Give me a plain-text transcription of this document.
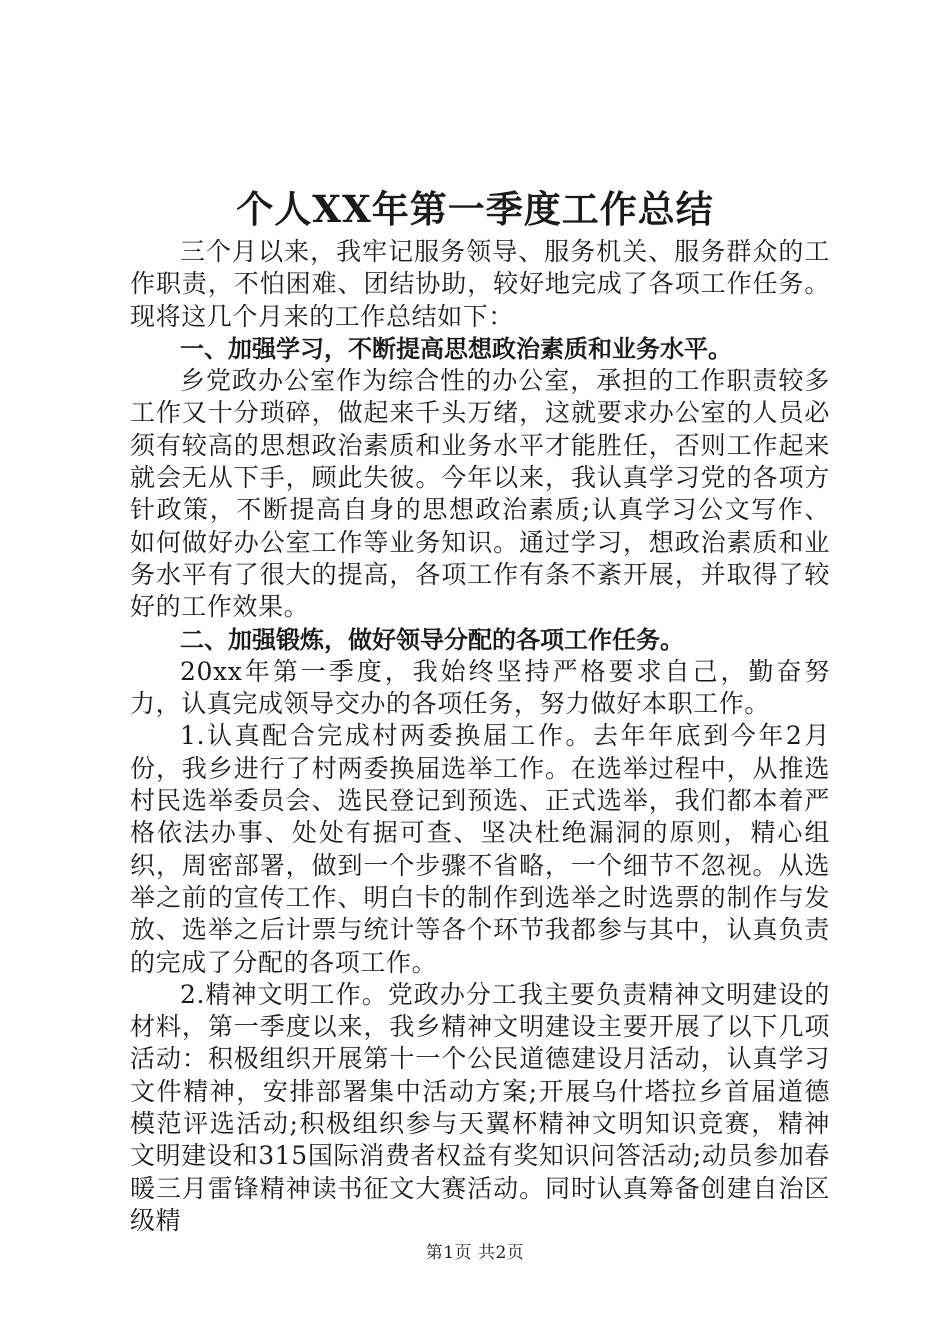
个人XX年第一季度工作总结

三个月以来，我牢记服务领导、服务机关、服务群众的工作职责，不怕困难、团结协助，较好地完成了各项工作任务。现将这几个月来的工作总结如下：

一、加强学习，不断提高思想政治素质和业务水平。

乡党政办公室作为综合性的办公室，承担的工作职责较多工作又十分琐碎，做起来千头万绪，这就要求办公室的人员必须有较高的思想政治素质和业务水平才能胜任，否则工作起来就会无从下手，顾此失彼。今年以来，我认真学习党的各项方针政策，不断提高自身的思想政治素质;认真学习公文写作、如何做好办公室工作等业务知识。通过学习，想政治素质和业务水平有了很大的提高，各项工作有条不紊开展，并取得了较好的工作效果。

二、加强锻炼，做好领导分配的各项工作任务。

20xx年第一季度，我始终坚持严格要求自己，勤奋努力，认真完成领导交办的各项任务，努力做好本职工作。

1.认真配合完成村两委换届工作。去年年底到今年2月份，我乡进行了村两委换届选举工作。在选举过程中，从推选村民选举委员会、选民登记到预选、正式选举，我们都本着严格依法办事、处处有据可查、坚决杜绝漏洞的原则，精心组织，周密部署，做到一个步骤不省略，一个细节不忽视。从选举之前的宣传工作、明白卡的制作到选举之时选票的制作与发放、选举之后计票与统计等各个环节我都参与其中，认真负责的完成了分配的各项工作。

2.精神文明工作。党政办分工我主要负责精神文明建设的材料，第一季度以来，我乡精神文明建设主要开展了以下几项活动：积极组织开展第十一个公民道德建设月活动，认真学习文件精神，安排部署集中活动方案;开展乌什塔拉乡首届道德模范评选活动;积极组织参与天翼杯精神文明知识竞赛，精神文明建设和315国际消费者权益有奖知识问答活动;动员参加春暖三月雷锋精神读书征文大赛活动。同时认真筹备创建自治区级精

第1页 共2页
